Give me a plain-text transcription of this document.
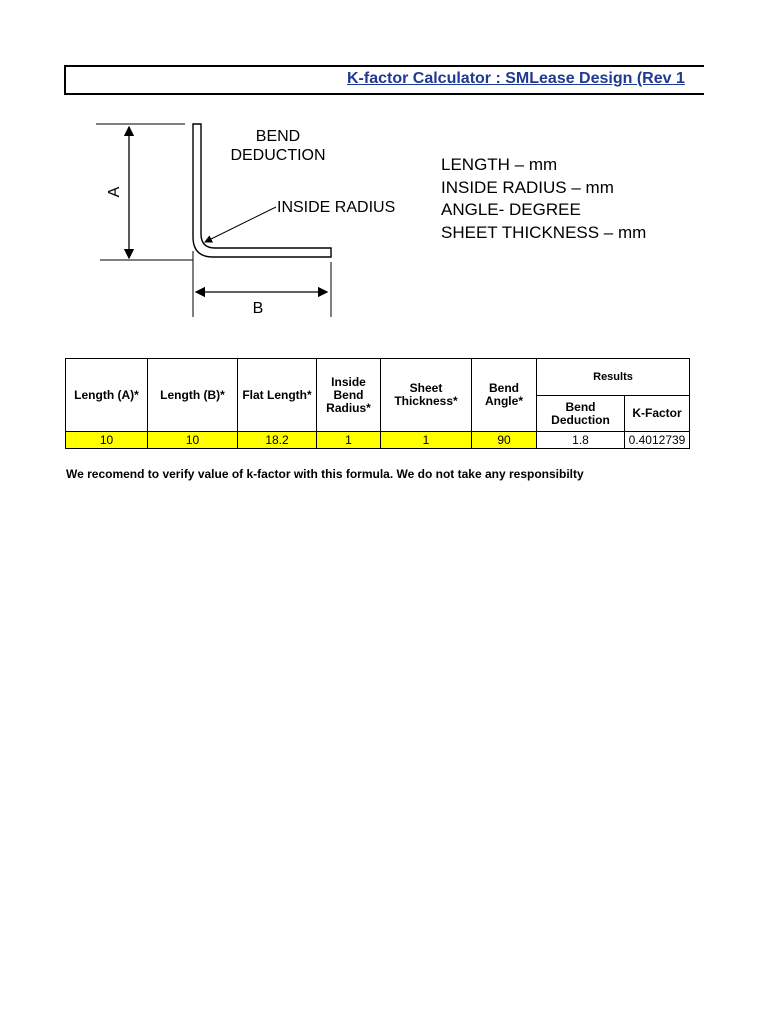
K-factor Calculator : SMLease Design (Rev 1
A
B
BEND
DEDUCTION
INSIDE RADIUS
LENGTH – mm
INSIDE RADIUS – mm
ANGLE- DEGREE
SHEET THICKNESS – mm
Length (A)*	Length (B)*	Flat Length*	Inside Bend Radius*	Sheet Thickness*	Bend Angle*	Results	
						Bend Deduction	K-Factor
10	10	18.2	1	1	90	1.8	0.4012739
We recomend to verify value of k-factor with this formula. We do not take any responsibilty
